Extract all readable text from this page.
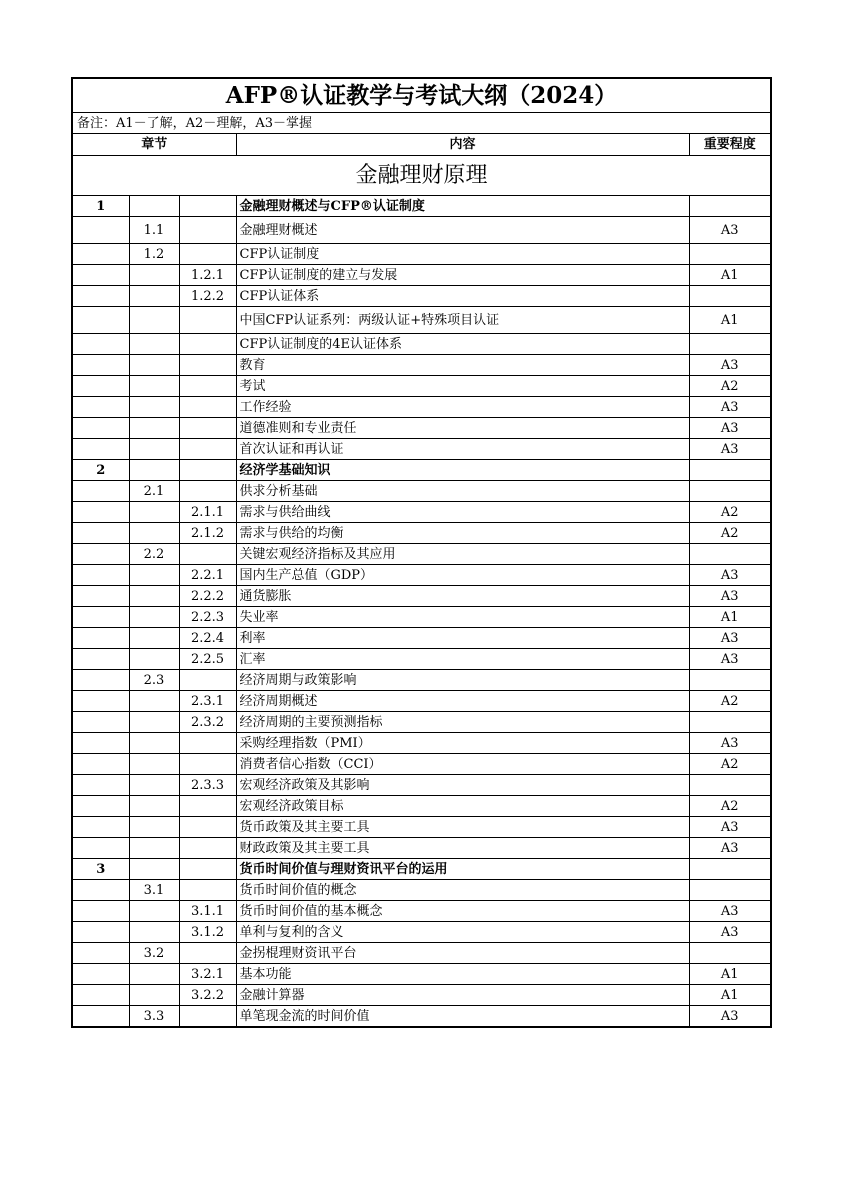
AFP®认证教学与考试大纲（2024）				
备注：A1－了解，A2－理解，A3－掌握				
章节			内容	重要程度
金融理财原理				
1			金融理财概述与CFP®认证制度	
	1.1		金融理财概述	A3
	1.2		CFP认证制度	
		1.2.1	CFP认证制度的建立与发展	A1
		1.2.2	CFP认证体系	
			中国CFP认证系列：两级认证+特殊项目认证	A1
			CFP认证制度的4E认证体系	
			教育	A3
			考试	A2
			工作经验	A3
			道德准则和专业责任	A3
			首次认证和再认证	A3
2			经济学基础知识	
	2.1		供求分析基础	
		2.1.1	需求与供给曲线	A2
		2.1.2	需求与供给的均衡	A2
	2.2		关键宏观经济指标及其应用	
		2.2.1	国内生产总值（GDP）	A3
		2.2.2	通货膨胀	A3
		2.2.3	失业率	A1
		2.2.4	利率	A3
		2.2.5	汇率	A3
	2.3		经济周期与政策影响	
		2.3.1	经济周期概述	A2
		2.3.2	经济周期的主要预测指标	
			采购经理指数（PMI）	A3
			消费者信心指数（CCI）	A2
		2.3.3	宏观经济政策及其影响	
			宏观经济政策目标	A2
			货币政策及其主要工具	A3
			财政政策及其主要工具	A3
3			货币时间价值与理财资讯平台的运用	
	3.1		货币时间价值的概念	
		3.1.1	货币时间价值的基本概念	A3
		3.1.2	单利与复利的含义	A3
	3.2		金拐棍理财资讯平台	
		3.2.1	基本功能	A1
		3.2.2	金融计算器	A1
	3.3		单笔现金流的时间价值	A3
